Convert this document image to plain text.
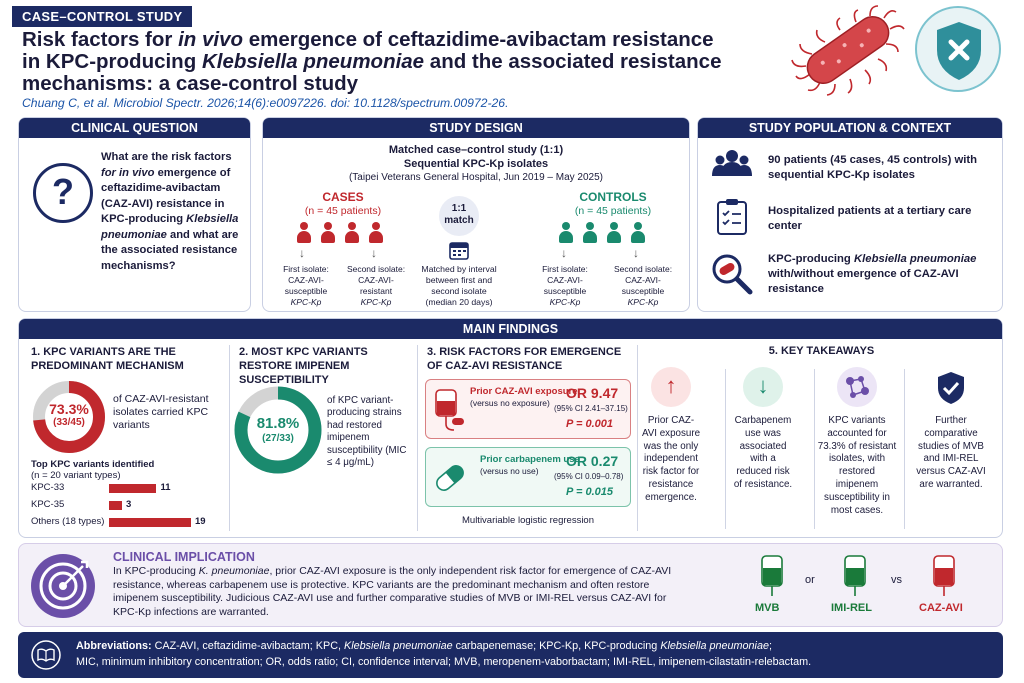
CASE–CONTROL STUDY
Risk factors for in vivo emergence of ceftazidime-avibactam resistance
in KPC-producing Klebsiella pneumoniae and the associated resistance
mechanisms: a case-control study
Chuang C, et al. Microbiol Spectr. 2026;14(6):e0097226. doi: 10.1128/spectrum.00972-26.
CLINICAL QUESTION
?
What are the risk factors for in vivo emergence of ceftazidime-avibactam (CAZ-AVI) resistance in KPC-producing Klebsiella pneumoniae and what are the associated resistance mechanisms?
STUDY DESIGN
Matched case–control study (1:1)
Sequential KPC-Kp isolates
(Taipei Veterans General Hospital, Jun 2019 – May 2025)
CASES
(n = 45 patients)
CONTROLS
(n = 45 patients)
↓	↓	↓	↓
First isolate:
CAZ-AVI-susceptible
KPC-Kp
Second isolate:
CAZ-AVI-resistant
KPC-Kp
First isolate:
CAZ-AVI-susceptible
KPC-Kp
Second isolate:
CAZ-AVI-susceptible
KPC-Kp
1:1
match
Matched by interval between first and second isolate (median 20 days)
STUDY POPULATION & CONTEXT
90 patients (45 cases, 45 controls) with sequential KPC-Kp isolates
Hospitalized patients at a tertiary care center
KPC-producing Klebsiella pneumoniae with/without emergence of CAZ-AVI resistance
MAIN FINDINGS
1. KPC VARIANTS ARE THE PREDOMINANT MECHANISM
73.3%
(33/45)
of CAZ-AVI-resistant isolates carried KPC variants
Top KPC variants identified
(n = 20 variant types)
KPC-33	11
KPC-35	3
Others (18 types)	19
2. MOST KPC VARIANTS RESTORE IMIPENEM SUSCEPTIBILITY
81.8%
(27/33)
of KPC variant-producing strains had restored imipenem susceptibility (MIC ≤ 4 μg/mL)
3. RISK FACTORS FOR EMERGENCE OF CAZ-AVI RESISTANCE
Prior CAZ-AVI exposure
(versus no exposure)
OR 9.47
(95% CI 2.41–37.15)
P = 0.001
Prior carbapenem use
(versus no use)
OR 0.27
(95% CI 0.09–0.78)
P = 0.015
Multivariable logistic regression
5. KEY TAKEAWAYS
↑	↓
Prior CAZ-AVI exposure was the only independent risk factor for resistance emergence.
Carbapenem use was associated with a reduced risk of resistance.
KPC variants accounted for 73.3% of resistant isolates, with restored imipenem susceptibility in most cases.
Further comparative studies of MVB and IMI-REL versus CAZ-AVI are warranted.
CLINICAL IMPLICATION
In KPC-producing K. pneumoniae, prior CAZ-AVI exposure is the only independent risk factor for emergence of CAZ-AVI resistance, whereas carbapenem use is protective. KPC variants are the predominant mechanism and often restore imipenem susceptibility. Judicious CAZ-AVI use and further comparative studies of MVB or IMI-REL versus CAZ-AVI for KPC-Kp infections are warranted.	MVB
or
IMI-REL
vs
CAZ-AVI
Abbreviations: CAZ-AVI, ceftazidime-avibactam; KPC, Klebsiella pneumoniae carbapenemase; KPC-Kp, KPC-producing Klebsiella pneumoniae;
MIC, minimum inhibitory concentration; OR, odds ratio; CI, confidence interval; MVB, meropenem-vaborbactam; IMI-REL, imipenem-cilastatin-relebactam.
